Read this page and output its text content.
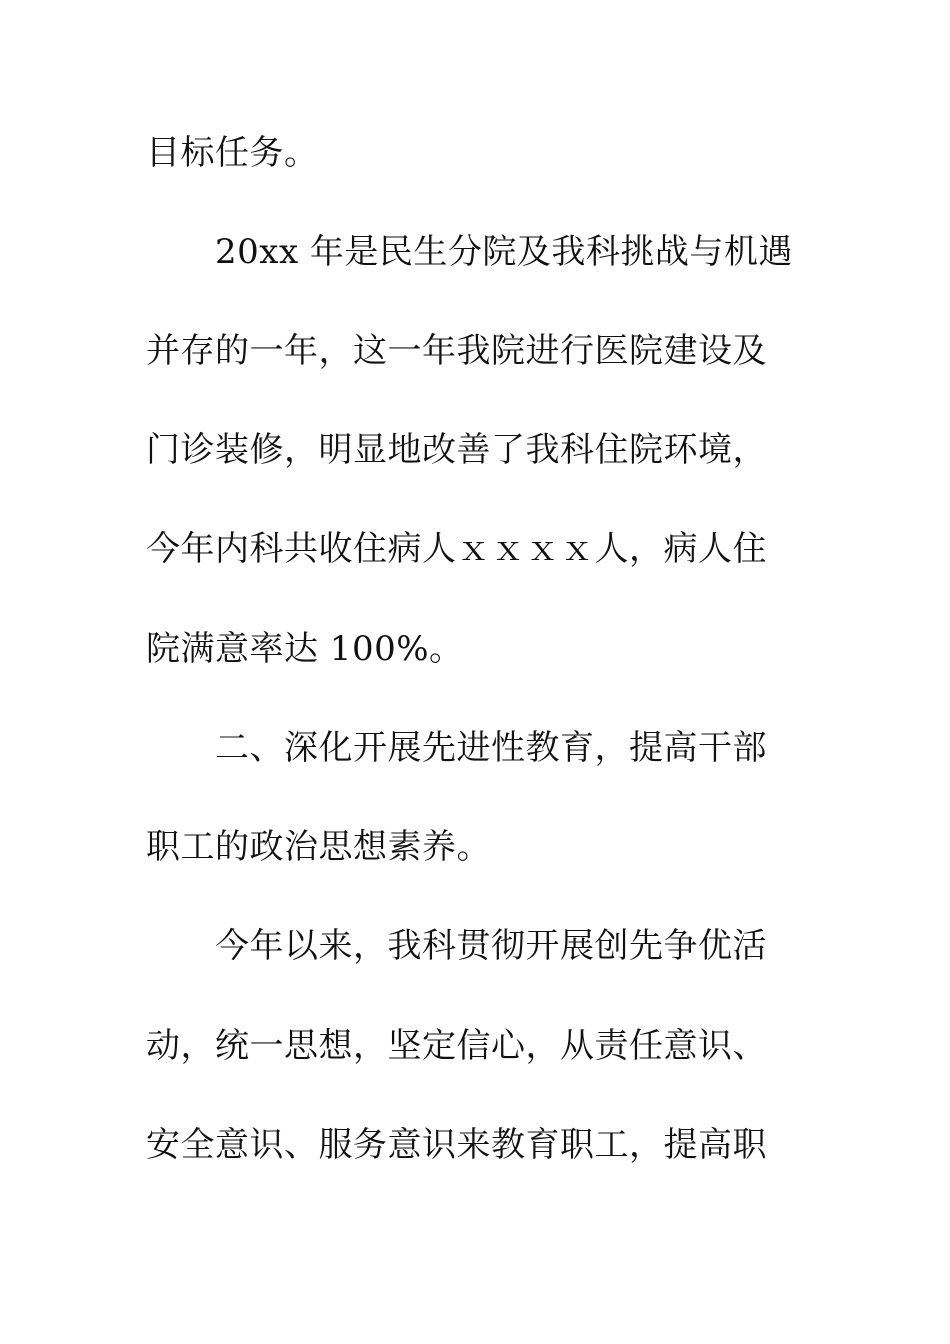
目标任务。
20xx 年是民生分院及我科挑战与机遇
并存的一年，这一年我院进行医院建设及
门诊装修，明显地改善了我科住院环境，
今年内科共收住病人ｘｘｘｘ人，病人住
院满意率达 100%。
二、深化开展先进性教育，提高干部
职工的政治思想素养。
今年以来，我科贯彻开展创先争优活
动，统一思想，坚定信心，从责任意识、
安全意识、服务意识来教育职工，提高职
